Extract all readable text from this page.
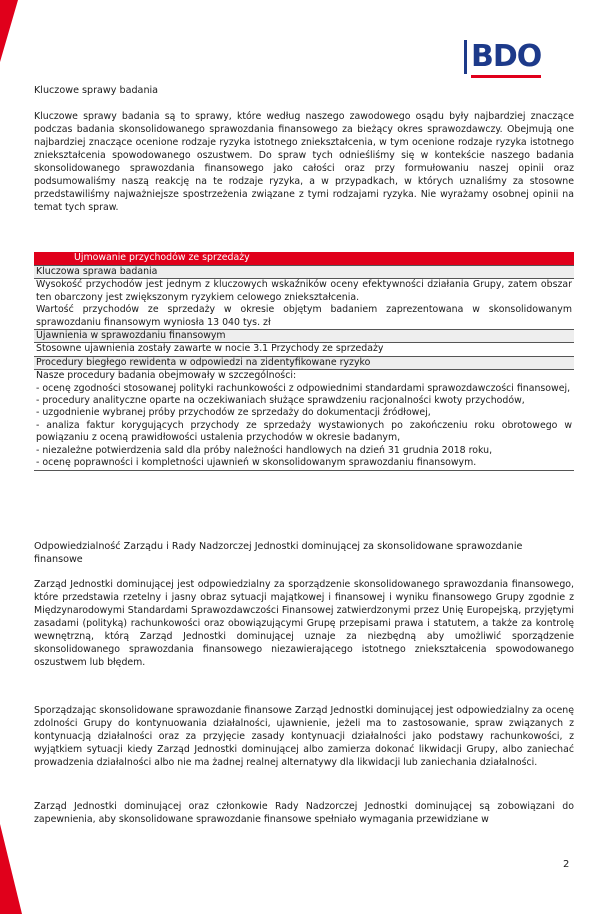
BDO
Kluczowe sprawy badania
Kluczowe sprawy badania są to sprawy, które według naszego zawodowego osądu były najbardziej znaczące podczas badania skonsolidowanego sprawozdania finansowego za bieżący okres sprawozdawczy. Obejmują one najbardziej znaczące ocenione rodzaje ryzyka istotnego zniekształcenia, w tym ocenione rodzaje ryzyka istotnego zniekształcenia spowodowanego oszustwem. Do spraw tych odnieśliśmy się w kontekście naszego badania skonsolidowanego sprawozdania finansowego jako całości oraz przy formułowaniu naszej opinii oraz podsumowaliśmy naszą reakcję na te rodzaje ryzyka, a w przypadkach, w których uznaliśmy za stosowne przedstawiliśmy najważniejsze spostrzeżenia związane z tymi rodzajami ryzyka. Nie wyrażamy osobnej opinii na temat tych spraw.
Ujmowanie przychodów ze sprzedaży
Kluczowa sprawa badania
Wysokość przychodów jest jednym z kluczowych wskaźników oceny efektywności działania Grupy, zatem obszar ten obarczony jest zwiększonym ryzykiem celowego zniekształcenia.
Wartość przychodów ze sprzedaży w okresie objętym badaniem zaprezentowana w skonsolidowanym sprawozdaniu finansowym wyniosła 13 040 tys. zł
Ujawnienia w sprawozdaniu finansowym
Stosowne ujawnienia zostały zawarte w nocie 3.1 Przychody ze sprzedaży
Procedury biegłego rewidenta w odpowiedzi na zidentyfikowane ryzyko
Nasze procedury badania obejmowały w szczególności:
- ocenę zgodności stosowanej polityki rachunkowości z odpowiednimi standardami sprawozdawczości finansowej,
- procedury analityczne oparte na oczekiwaniach służące sprawdzeniu racjonalności kwoty przychodów,
- uzgodnienie wybranej próby przychodów ze sprzedaży do dokumentacji źródłowej,
- analiza faktur korygujących przychody ze sprzedaży wystawionych po zakończeniu roku obrotowego w powiązaniu z oceną prawidłowości ustalenia przychodów w okresie badanym,
- niezależne potwierdzenia sald dla próby należności handlowych na dzień 31 grudnia 2018 roku,
- ocenę poprawności i kompletności ujawnień w skonsolidowanym sprawozdaniu finansowym.
Odpowiedzialność Zarządu i Rady Nadzorczej Jednostki dominującej za skonsolidowane sprawozdanie finansowe
Zarząd Jednostki dominującej jest odpowiedzialny za sporządzenie skonsolidowanego sprawozdania finansowego, które przedstawia rzetelny i jasny obraz sytuacji majątkowej i finansowej i wyniku finansowego Grupy zgodnie z Międzynarodowymi Standardami Sprawozdawczości Finansowej zatwierdzonymi przez Unię Europejską, przyjętymi zasadami (polityką) rachunkowości oraz obowiązującymi Grupę przepisami prawa i statutem, a także za kontrolę wewnętrzną, którą Zarząd Jednostki dominującej uznaje za niezbędną aby umożliwić sporządzenie skonsolidowanego sprawozdania finansowego niezawierającego istotnego zniekształcenia spowodowanego oszustwem lub błędem.
Sporządzając skonsolidowane sprawozdanie finansowe Zarząd Jednostki dominującej jest odpowiedzialny za ocenę zdolności Grupy do kontynuowania działalności, ujawnienie, jeżeli ma to zastosowanie, spraw związanych z kontynuacją działalności oraz za przyjęcie zasady kontynuacji działalności jako podstawy rachunkowości, z wyjątkiem sytuacji kiedy Zarząd Jednostki dominującej albo zamierza dokonać likwidacji Grupy, albo zaniechać prowadzenia działalności albo nie ma żadnej realnej alternatywy dla likwidacji lub zaniechania działalności.
Zarząd Jednostki dominującej oraz członkowie Rady Nadzorczej Jednostki dominującej są zobowiązani do zapewnienia, aby skonsolidowane sprawozdanie finansowe spełniało wymagania przewidziane w
2
